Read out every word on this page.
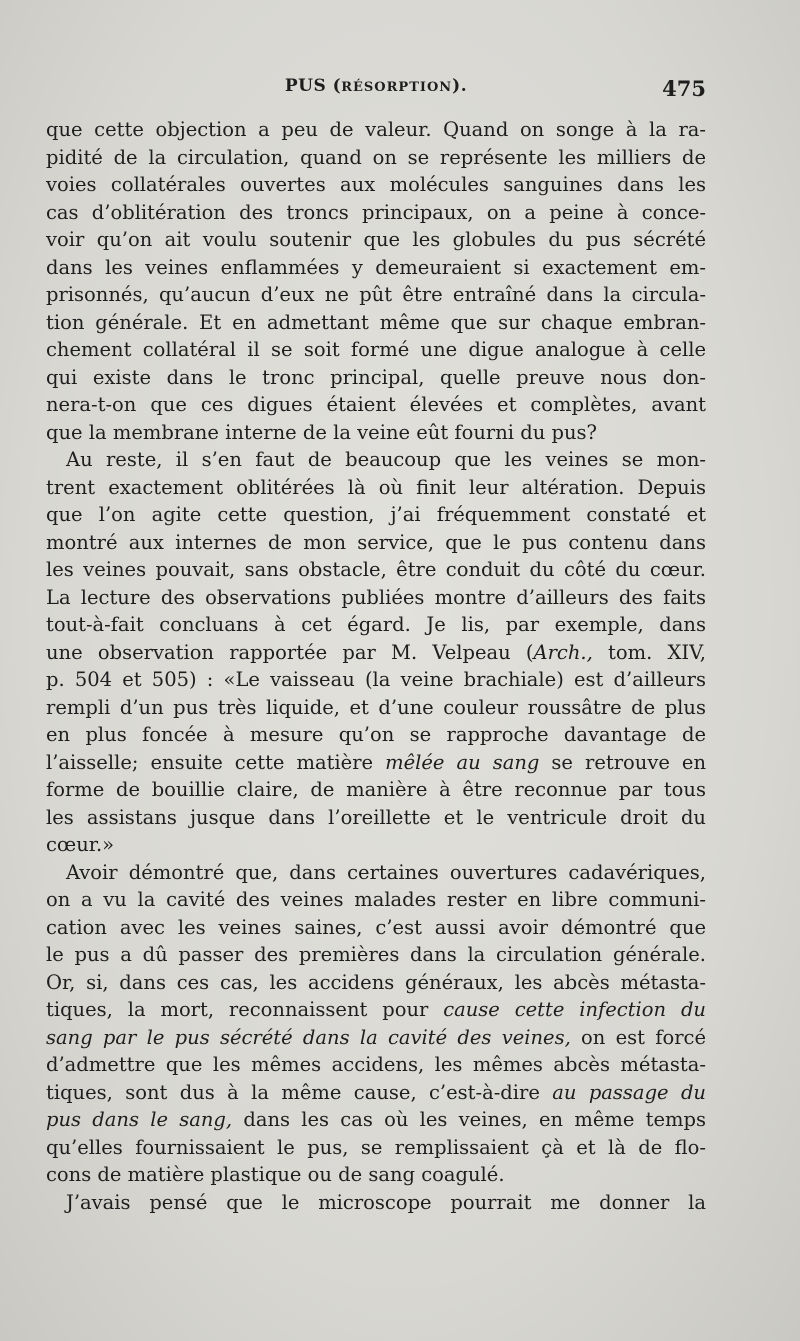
PUS (RÉSORPTION).	475
que cette objection a peu de valeur. Quand on songe à la ra-
pidité de la circulation, quand on se représente les milliers de
voies collatérales ouvertes aux molécules sanguines dans les
cas d’oblitération des troncs principaux, on a peine à conce-
voir qu’on ait voulu soutenir que les globules du pus sécrété
dans les veines enflammées y demeuraient si exactement em-
prisonnés, qu’aucun d’eux ne pût être entraîné dans la circula-
tion générale. Et en admettant même que sur chaque embran-
chement collatéral il se soit formé une digue analogue à celle
qui existe dans le tronc principal, quelle preuve nous don-
nera-t-on que ces digues étaient élevées et complètes, avant
que la membrane interne de la veine eût fourni du pus?
Au reste, il s’en faut de beaucoup que les veines se mon-
trent exactement oblitérées là où finit leur altération. Depuis
que l’on agite cette question, j’ai fréquemment constaté et
montré aux internes de mon service, que le pus contenu dans
les veines pouvait, sans obstacle, être conduit du côté du cœur.
La lecture des observations publiées montre d’ailleurs des faits
tout-à-fait concluans à cet égard. Je lis, par exemple, dans
une observation rapportée par M. Velpeau (Arch., tom. XIV,
p. 504 et 505) : «Le vaisseau (la veine brachiale) est d’ailleurs
rempli d’un pus très liquide, et d’une couleur roussâtre de plus
en plus foncée à mesure qu’on se rapproche davantage de
l’aisselle; ensuite cette matière mêlée au sang se retrouve en
forme de bouillie claire, de manière à être reconnue par tous
les assistans jusque dans l’oreillette et le ventricule droit du
cœur.»
Avoir démontré que, dans certaines ouvertures cadavériques,
on a vu la cavité des veines malades rester en libre communi-
cation avec les veines saines, c’est aussi avoir démontré que
le pus a dû passer des premières dans la circulation générale.
Or, si, dans ces cas, les accidens généraux, les abcès métasta-
tiques, la mort, reconnaissent pour cause cette infection du
sang par le pus sécrété dans la cavité des veines, on est forcé
d’admettre que les mêmes accidens, les mêmes abcès métasta-
tiques, sont dus à la même cause, c’est-à-dire au passage du
pus dans le sang, dans les cas où les veines, en même temps
qu’elles fournissaient le pus, se remplissaient çà et là de flo-
cons de matière plastique ou de sang coagulé.
J’avais pensé que le microscope pourrait me donner la
